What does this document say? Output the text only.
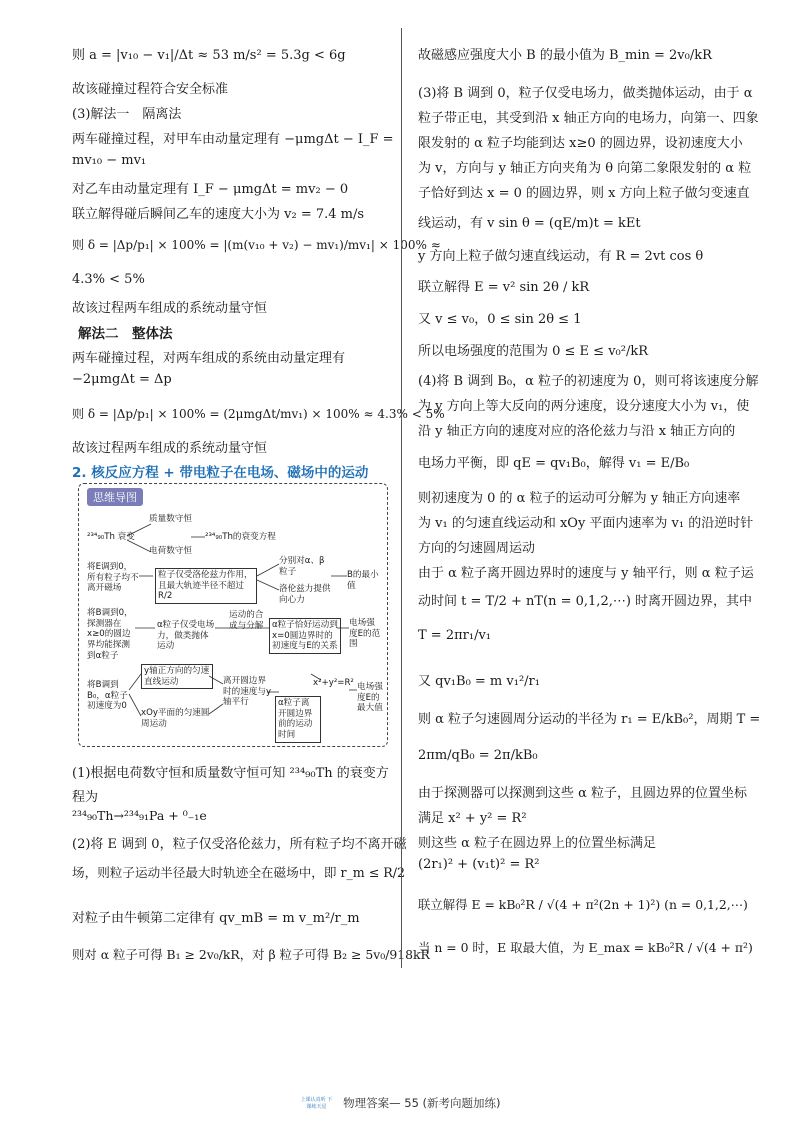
则 a = |v₁₀ − v₁|/Δt ≈ 53 m/s² = 5.3g < 6g
故该碰撞过程符合安全标准
(3)解法一　隔离法
两车碰撞过程，对甲车由动量定理有 −μmgΔt − I_F =
mv₁₀ − mv₁
对乙车由动量定理有 I_F − μmgΔt = mv₂ − 0
联立解得碰后瞬间乙车的速度大小为 v₂ = 7.4 m/s
则 δ = |Δp/p₁| × 100% = |(m(v₁₀ + v₂) − mv₁)/mv₁| × 100% ≈
4.3% < 5%
故该过程两车组成的系统动量守恒
解法二　整体法
两车碰撞过程，对两车组成的系统由动量定理有
−2μmgΔt = Δp
则 δ = |Δp/p₁| × 100% = (2μmgΔt/mv₁) × 100% ≈ 4.3% < 5%
故该过程两车组成的系统动量守恒
2. 核反应方程 + 带电粒子在电场、磁场中的运动
思维导图
质量数守恒
²³⁴₉₀Th 衰变
电荷数守恒
²³⁴₉₀Th的衰变方程
将E调到0，所有粒子均不离开磁场
粒子仅受洛伦兹力作用，且最大轨迹半径不超过 R/2
分别对α、β粒子
洛伦兹力提供向心力
B的最小值
将B调到0，探测器在x≥0的圆边界均能探测到α粒子
α粒子仅受电场力，做类抛体运动
运动的合成与分解	α粒子恰好运动到x=0圆边界时的初速度与E的关系
电场强度E的范围
将B调到B₀，α粒子初速度为0
y轴正方向的匀速直线运动
xOy平面的匀速圆周运动
离开圆边界时的速度与y轴平行	α粒子离开圆边界前的运动时间
x²+y²=R² 电场强度E的最大值
(1)根据电荷数守恒和质量数守恒可知 ²³⁴₉₀Th 的衰变方
程为
²³⁴₉₀Th→²³⁴₉₁Pa + ⁰₋₁e
(2)将 E 调到 0，粒子仅受洛伦兹力，所有粒子均不离开磁
场，则粒子运动半径最大时轨迹全在磁场中，即 r_m ≤ R/2
对粒子由牛顿第二定律有 qv_mB = m v_m²/r_m
则对 α 粒子可得 B₁ ≥ 2v₀/kR，对 β 粒子可得 B₂ ≥ 5v₀/918kR
故磁感应强度大小 B 的最小值为 B_min = 2v₀/kR
(3)将 B 调到 0，粒子仅受电场力，做类抛体运动，由于 α
粒子带正电，其受到沿 x 轴正方向的电场力，向第一、四象
限发射的 α 粒子均能到达 x≥0 的圆边界，设初速度大小
为 v，方向与 y 轴正方向夹角为 θ 向第二象限发射的 α 粒
子恰好到达 x = 0 的圆边界，则 x 方向上粒子做匀变速直
线运动，有 v sin θ = (qE/m)t = kEt
y 方向上粒子做匀速直线运动，有 R = 2vt cos θ
联立解得 E = v² sin 2θ / kR
又 v ≤ v₀，0 ≤ sin 2θ ≤ 1
所以电场强度的范围为 0 ≤ E ≤ v₀²/kR
(4)将 B 调到 B₀，α 粒子的初速度为 0，则可将该速度分解
为 y 方向上等大反向的两分速度，设分速度大小为 v₁，使
沿 y 轴正方向的速度对应的洛伦兹力与沿 x 轴正方向的
电场力平衡，即 qE = qv₁B₀，解得 v₁ = E/B₀
则初速度为 0 的 α 粒子的运动可分解为 y 轴正方向速率
为 v₁ 的匀速直线运动和 xOy 平面内速率为 v₁ 的沿逆时针
方向的匀速圆周运动
由于 α 粒子离开圆边界时的速度与 y 轴平行，则 α 粒子运
动时间 t = T/2 + nT(n = 0,1,2,⋯) 时离开圆边界，其中
T = 2πr₁/v₁
又 qv₁B₀ = m v₁²/r₁
则 α 粒子匀速圆周分运动的半径为 r₁ = E/kB₀²，周期 T =
2πm/qB₀ = 2π/kB₀
由于探测器可以探测到这些 α 粒子，且圆边界的位置坐标
满足 x² + y² = R²
则这些 α 粒子在圆边界上的位置坐标满足
(2r₁)² + (v₁t)² = R²
联立解得 E = kB₀²R / √(4 + π²(2n + 1)²) (n = 0,1,2,⋯)
当 n = 0 时，E 取最大值，为 E_max = kB₀²R / √(4 + π²)
上课认真听 下课练天星 物理答案— 55 (新考向题加练)
